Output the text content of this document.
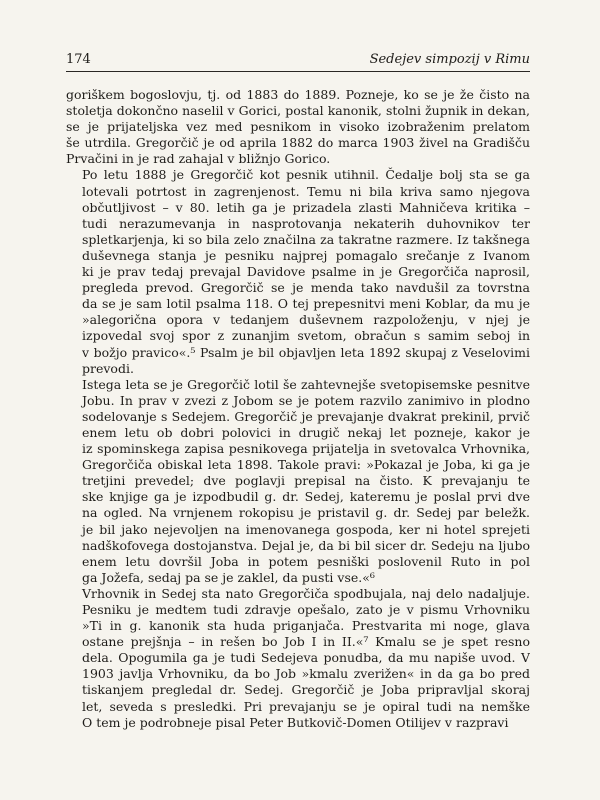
174	Sedejev simpozij v Rimu
goriškem bogoslovju, tj. od 1883 do 1889. Pozneje, ko se je že čisto na
stoletja dokončno naselil v Gorici, postal kanonik, stolni župnik in dekan,
se je prijateljska vez med pesnikom in visoko izobraženim prelatom
še utrdila. Gregorčič je od aprila 1882 do marca 1903 živel na Gradišču
Prvačini in je rad zahajal v bližnjo Gorico.
Po letu 1888 je Gregorčič kot pesnik utihnil. Čedalje bolj sta se ga
lotevali potrtost in zagrenjenost. Temu ni bila kriva samo njegova
občutljivost – v 80. letih ga je prizadela zlasti Mahničeva kritika –
tudi nerazumevanja in nasprotovanja nekaterih duhovnikov ter
spletkarjenja, ki so bila zelo značilna za takratne razmere. Iz takšnega
duševnega stanja je pesniku najprej pomagalo srečanje z Ivanom
ki je prav tedaj prevajal Davidove psalme in je Gregorčiča naprosil,
pregleda prevod. Gregorčič se je menda tako navdušil za tovrstna
da se je sam lotil psalma 118. O tej prepesnitvi meni Koblar, da mu je
»alegorična opora v tedanjem duševnem razpoloženju, v njej je
izpovedal svoj spor z zunanjim svetom, obračun s samim seboj in
v božjo pravico«.⁵ Psalm je bil objavljen leta 1892 skupaj z Veselovimi
prevodi.
Istega leta se je Gregorčič lotil še zahtevnejše svetopisemske pesnitve
Jobu. In prav v zvezi z Jobom se je potem razvilo zanimivo in plodno
sodelovanje s Sedejem. Gregorčič je prevajanje dvakrat prekinil, prvič
enem letu ob dobri polovici in drugič nekaj let pozneje, kakor je
iz spominskega zapisa pesnikovega prijatelja in svetovalca Vrhovnika,
Gregorčiča obiskal leta 1898. Takole pravi: »Pokazal je Joba, ki ga je
tretjini prevedel; dve poglavji prepisal na čisto. K prevajanju te
ske knjige ga je izpodbudil g. dr. Sedej, kateremu je poslal prvi dve
na ogled. Na vrnjenem rokopisu je pristavil g. dr. Sedej par beležk.
je bil jako nejevoljen na imenovanega gospoda, ker ni hotel sprejeti
nadškofovega dostojanstva. Dejal je, da bi bil sicer dr. Sedeju na ljubo
enem letu dovršil Joba in potem pesniški poslovenil Ruto in pol
ga Jožefa, sedaj pa se je zaklel, da pusti vse.«⁶
Vrhovnik in Sedej sta nato Gregorčiča spodbujala, naj delo nadaljuje.
Pesniku je medtem tudi zdravje opešalo, zato je v pismu Vrhovniku
»Ti in g. kanonik sta huda priganjača. Prestvarita mi noge, glava
ostane prejšnja – in rešen bo Job I in II.«⁷ Kmalu se je spet resno
dela. Opogumila ga je tudi Sedejeva ponudba, da mu napiše uvod. V
1903 javlja Vrhovniku, da bo Job »kmalu zverižen« in da ga bo pred
tiskanjem pregledal dr. Sedej. Gregorčič je Joba pripravljal skoraj
let, seveda s presledki. Pri prevajanju se je opiral tudi na nemške
O tem je podrobneje pisal Peter Butkovič-Domen Otilijev v razpravi
